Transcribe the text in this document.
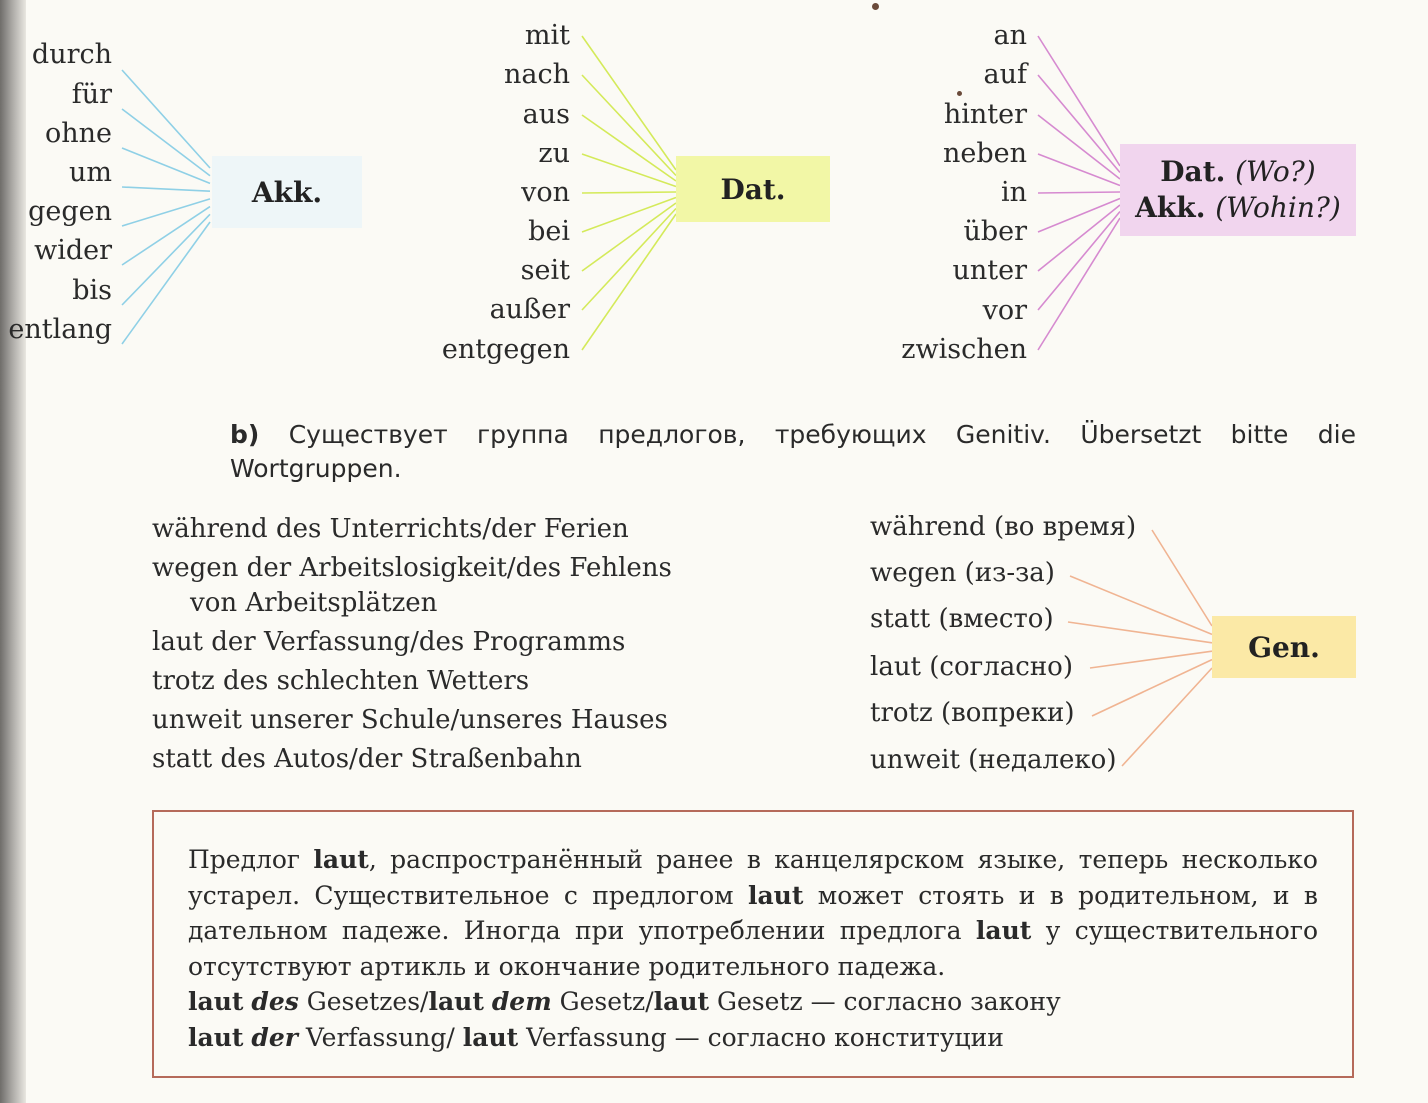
durch
für
ohne
um
gegen
wider
bis
entlang
Akk.
mit
nach
aus
zu
von
bei
seit
außer
entgegen
Dat.
an
auf
hinter
neben
in
über
unter
vor
zwischen
Dat. (Wo?)
Akk. (Wohin?)
b) Существует группа предлогов, требующих Genitiv. Übersetzt bitte die Wortgruppen.
während des Unterrichts/der Ferien
wegen der Arbeitslosigkeit/des Fehlens
von Arbeitsplätzen
laut der Verfassung/des Programms
trotz des schlechten Wetters
unweit unserer Schule/unseres Hauses
statt des Autos/der Straßenbahn
während (во время)
wegen (из-за)
statt (вместо)
laut (согласно)
trotz (вопреки)
unweit (недалеко)
Gen.

Предлог laut, распространённый ранее в канцелярском языке, теперь несколько устарел. Существительное с предлогом laut может стоять и в родительном, и в дательном падеже. Иногда при употреблении предлога laut у существительного отсутствуют артикль и окончание родительного падежа.

laut des Gesetzes/laut dem Gesetz/laut Gesetz — согласно закону
laut der Verfassung/ laut Verfassung — согласно конституции
